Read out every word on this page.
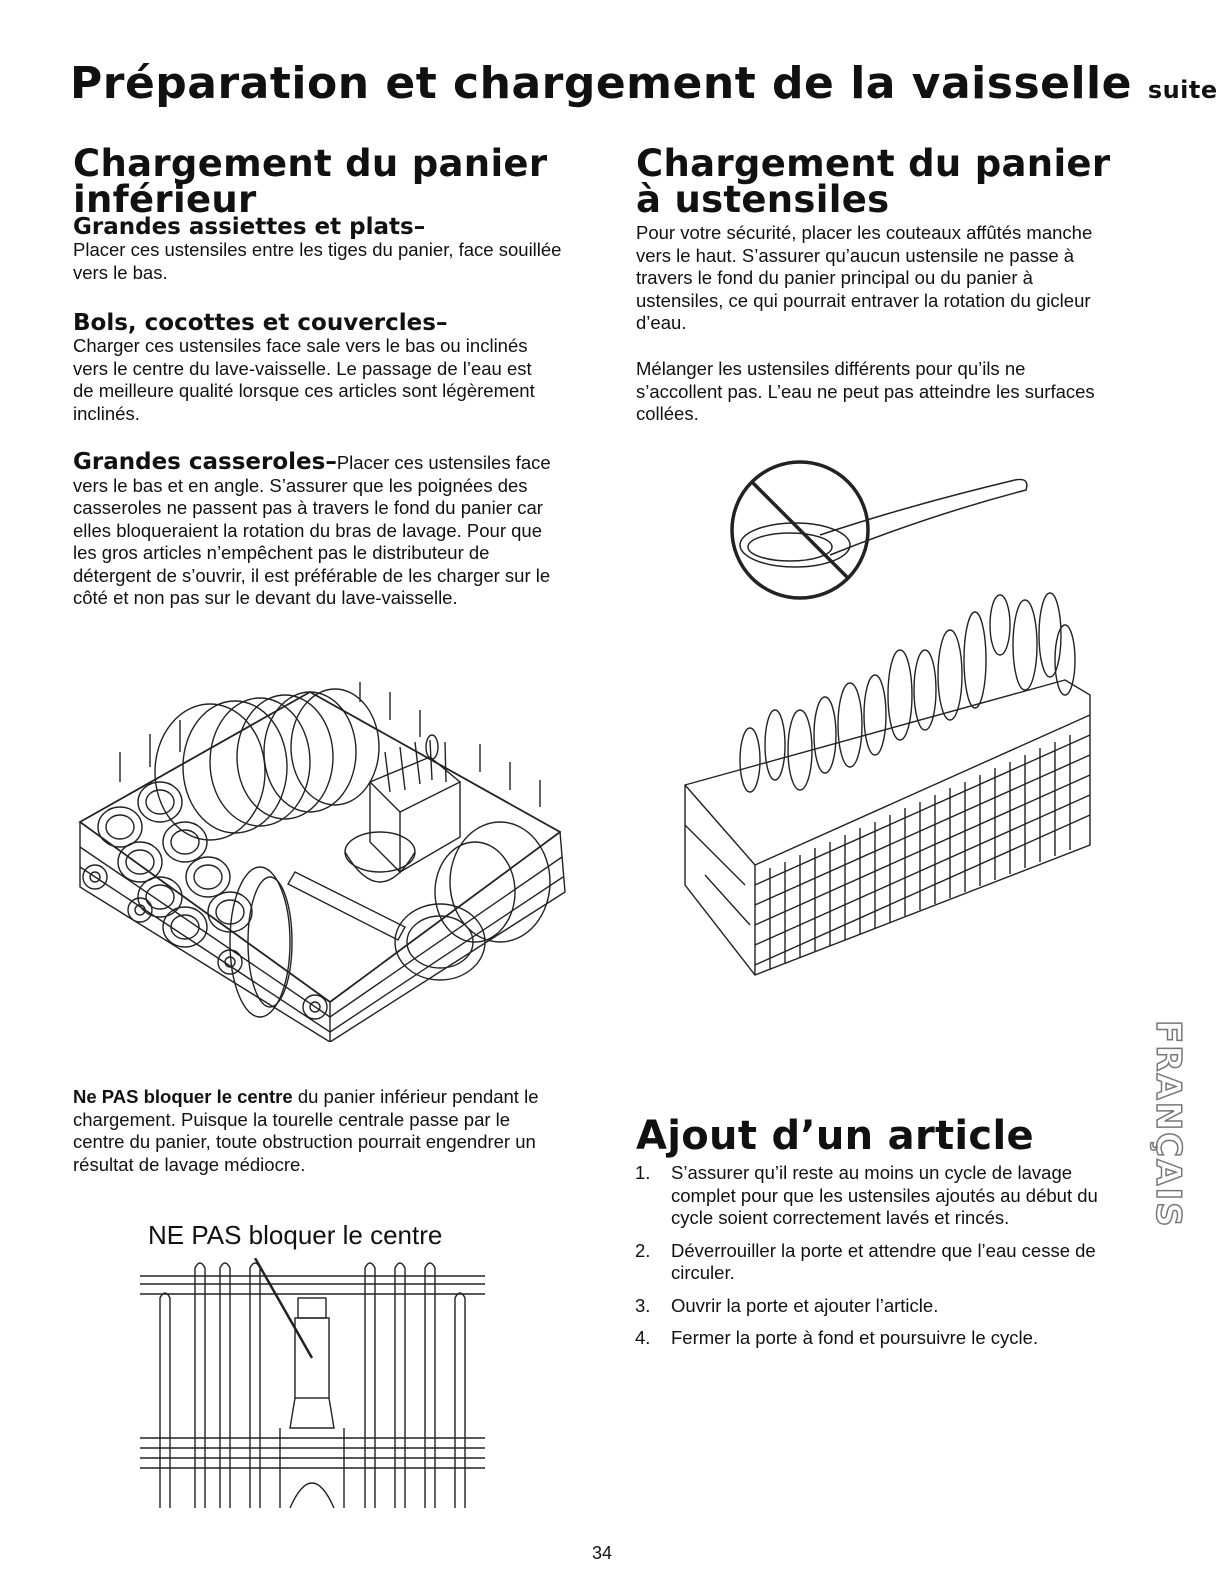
Préparation et chargement de la vaisselle suite
Chargement du panier inférieur
Grandes assiettes et plats–

Placer ces ustensiles entre les tiges du panier, face souillée vers le bas.

Bols, cocottes et couvercles–

Charger ces ustensiles face sale vers le bas ou inclinés vers le centre du lave-vaisselle. Le passage de l’eau est de meilleure qualité lorsque ces articles sont légèrement inclinés.

Grandes casseroles–Placer ces ustensiles face vers le bas et en angle. S’assurer que les poignées des casseroles ne passent pas à travers le fond du panier car elles bloqueraient la rotation du bras de lavage. Pour que les gros articles n’empêchent pas le distributeur de détergent de s’ouvrir, il est préférable de les charger sur le côté et non pas sur le devant du lave-vaisselle.

Ne PAS bloquer le centre du panier inférieur pendant le chargement. Puisque la tourelle centrale passe par le centre du panier, toute obstruction pourrait engendrer un résultat de lavage médiocre.

NE PAS bloquer le centre
Chargement du panier à ustensiles

Pour votre sécurité, placer les couteaux affûtés manche vers le haut. S’assurer qu’aucun ustensile ne passe à travers le fond du panier principal ou du panier à ustensiles, ce qui pourrait entraver la rotation du gicleur d’eau.

Mélanger les ustensiles différents pour qu’ils ne s’accollent pas. L’eau ne peut pas atteindre les surfaces collées.

FRANÇAIS
Ajout d’un article
1. S’assurer qu’il reste au moins un cycle de lavage complet pour que les ustensiles ajoutés au début du cycle soient correctement lavés et rincés.
2. Déverrouiller la porte et attendre que l’eau cesse de circuler.
3. Ouvrir la porte et ajouter l’article.
4. Fermer la porte à fond et poursuivre le cycle.
34
